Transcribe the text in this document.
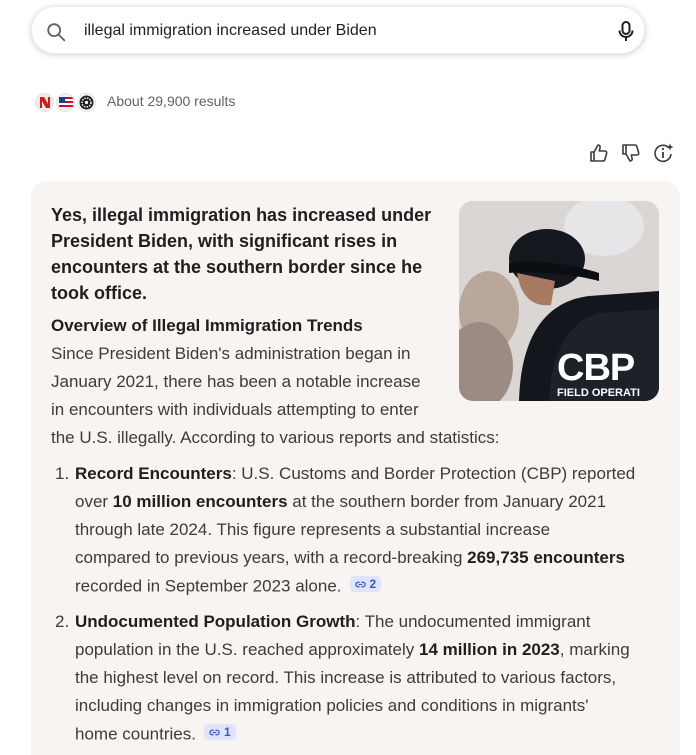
illegal immigration increased under Biden
About 29,900 results
CBP
FIELD OPERATI
Yes, illegal immigration has increased under President Biden, with significant rises in encounters at the southern border since he took office.
Overview of Illegal Immigration Trends
Since President Biden's administration began in
January 2021, there has been a notable increase
in encounters with individuals attempting to enter
the U.S. illegally. According to various reports and statistics:
1. Record Encounters: U.S. Customs and Border Protection (CBP) reported
over 10 million encounters at the southern border from January 2021
through late 2024. This figure represents a substantial increase
compared to previous years, with a record-breaking 269,735 encounters
recorded in September 2023 alone. 2
2. Undocumented Population Growth: The undocumented immigrant
population in the U.S. reached approximately 14 million in 2023, marking
the highest level on record. This increase is attributed to various factors,
including changes in immigration policies and conditions in migrants'
home countries. 1
